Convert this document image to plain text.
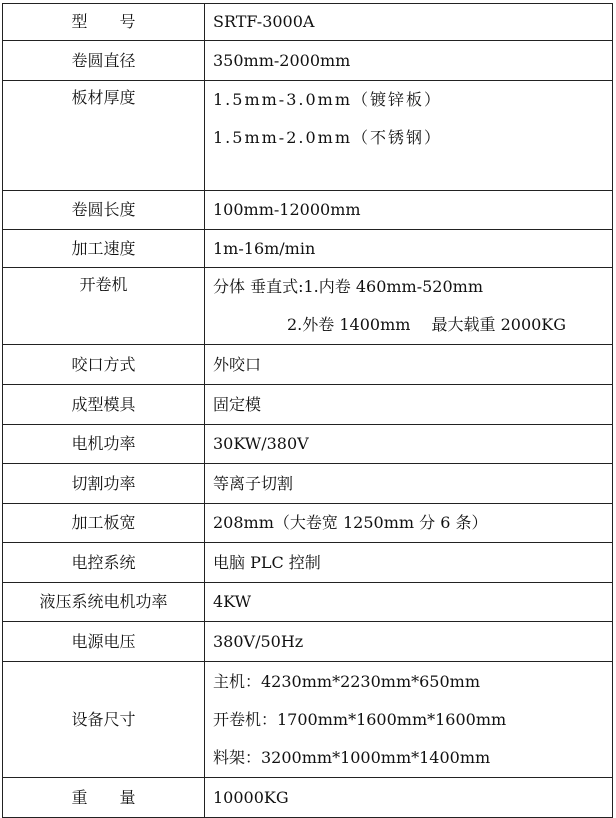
型　　号	SRTF-3000A

卷圆直径	350mm-2000mm

板材厚度	1.5mm-3.0mm（镀锌板）
1.5mm-2.0mm（不锈钢）

卷圆长度	100mm-12000mm

加工速度	1m-16m/min

开卷机	分体 垂直式:1.内卷 460mm-520mm
2.外卷 1400mm　 最大载重 2000KG

咬口方式	外咬口

成型模具	固定模

电机功率	30KW/380V

切割功率	等离子切割

加工板宽	208mm（大卷宽 1250mm 分 6 条）

电控系统	电脑 PLC 控制

液压系统电机功率	4KW

电源电压	380V/50Hz

设备尺寸	主机：4230mm*2230mm*650mm
开卷机：1700mm*1600mm*1600mm
料架：3200mm*1000mm*1400mm

重　　量	10000KG
